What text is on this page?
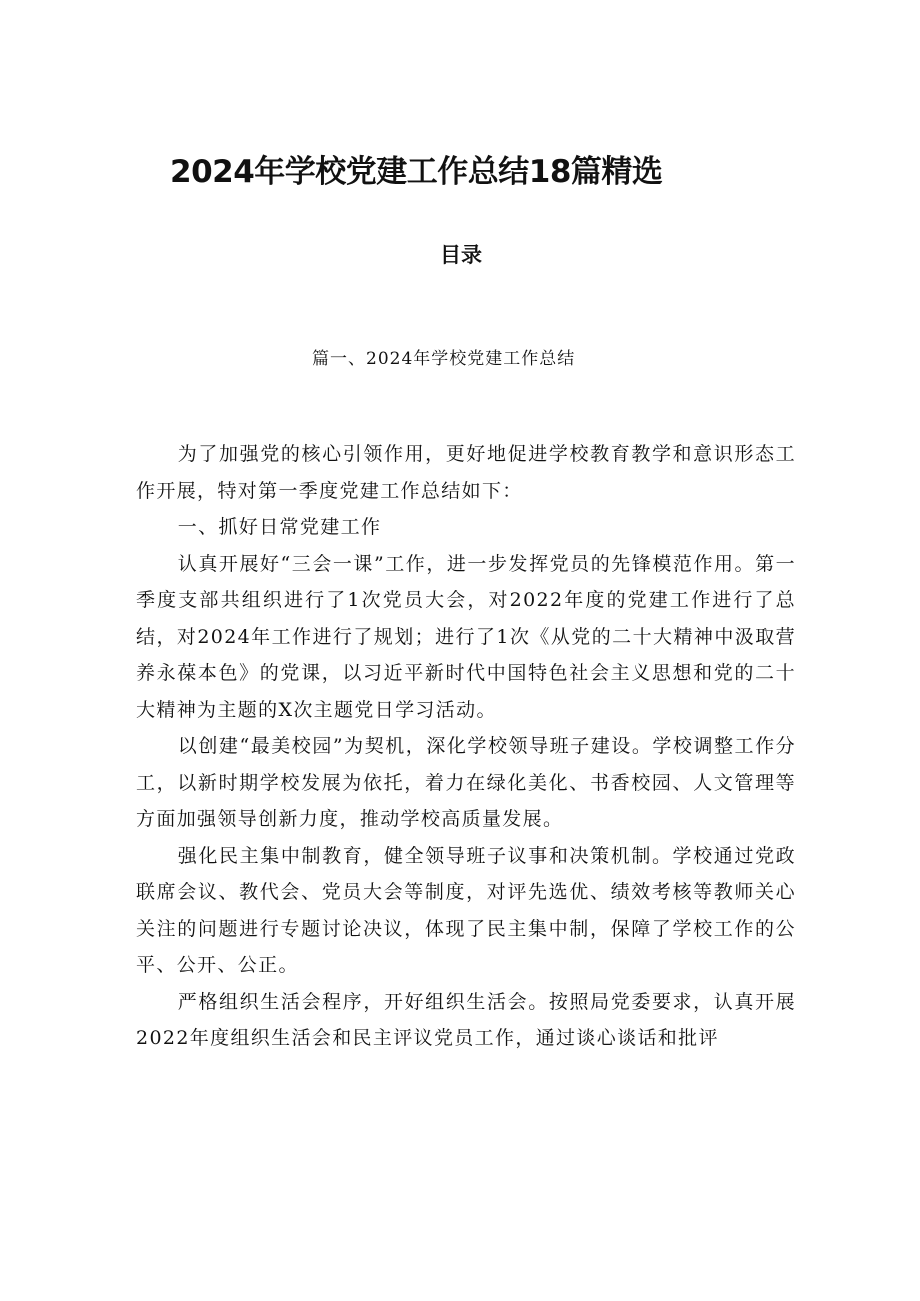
2024年学校党建工作总结18篇精选
目录

篇一、2024年学校党建工作总结

为了加强党的核心引领作用，更好地促进学校教育教学和意识形态工作开展，特对第一季度党建工作总结如下：

一、抓好日常党建工作

认真开展好“三会一课”工作，进一步发挥党员的先锋模范作用。第一季度支部共组织进行了1次党员大会，对2022年度的党建工作进行了总结，对2024年工作进行了规划；进行了1次《从党的二十大精神中汲取营养永葆本色》的党课，以习近平新时代中国特色社会主义思想和党的二十大精神为主题的X次主题党日学习活动。

以创建“最美校园”为契机，深化学校领导班子建设。学校调整工作分工，以新时期学校发展为依托，着力在绿化美化、书香校园、人文管理等方面加强领导创新力度，推动学校高质量发展。

强化民主集中制教育，健全领导班子议事和决策机制。学校通过党政联席会议、教代会、党员大会等制度，对评先选优、绩效考核等教师关心关注的问题进行专题讨论决议，体现了民主集中制，保障了学校工作的公平、公开、公正。

严格组织生活会程序，开好组织生活会。按照局党委要求，认真开展2022年度组织生活会和民主评议党员工作，通过谈心谈话和批评
